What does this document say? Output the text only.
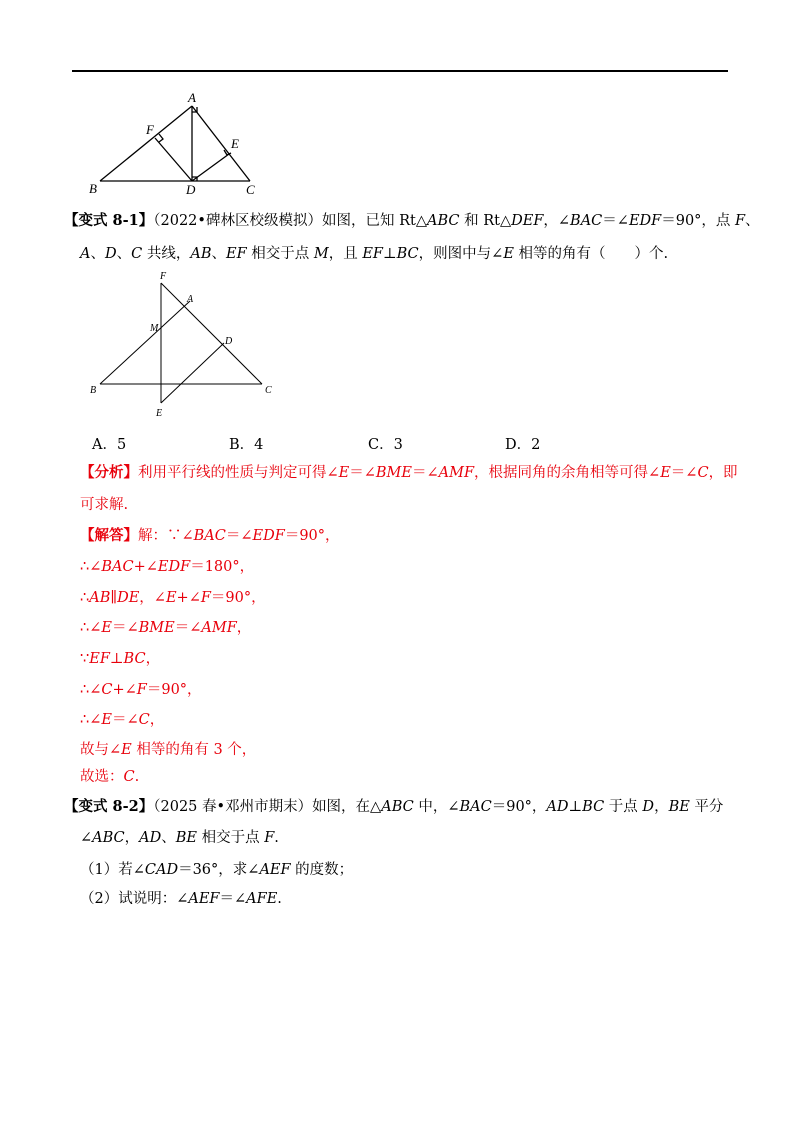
A
F
E
B	D	C
【变式 8-1】（2022•碑林区校级模拟）如图，已知 Rt△ABC 和 Rt△DEF，∠BAC＝∠EDF＝90°，点 F、
A、D、C 共线，AB、EF 相交于点 M，且 EF⊥BC，则图中与∠E 相等的角有（　　）个.
F
A
M
D
B	C
E
A．5	B．4	C．3	D．2
【分析】利用平行线的性质与判定可得∠E＝∠BME＝∠AMF，根据同角的余角相等可得∠E＝∠C，即
可求解.
【解答】解：∵∠BAC＝∠EDF＝90°，
∴∠BAC+∠EDF＝180°，
∴AB∥DE，∠E+∠F＝90°，
∴∠E＝∠BME＝∠AMF，
∵EF⊥BC，
∴∠C+∠F＝90°，
∴∠E＝∠C，
故与∠E 相等的角有 3 个，
故选：C.
【变式 8-2】（2025 春•邓州市期末）如图，在△ABC 中，∠BAC＝90°，AD⊥BC 于点 D，BE 平分
∠ABC，AD、BE 相交于点 F.
（1）若∠CAD＝36°，求∠AEF 的度数；
（2）试说明：∠AEF＝∠AFE.
